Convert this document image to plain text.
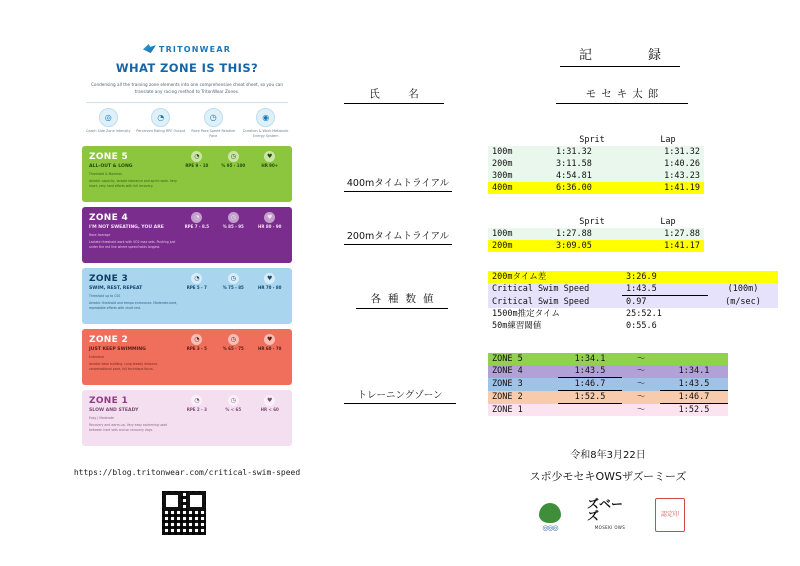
TRITONWEAR
WHAT ZONE IS THIS?
Condensing all the training zone elements into one comprehensive cheat sheet, so you can translate any racing method to TritonWear Zones.
◎
Coach Side Zone Intensity
◔
Perceived Rating RPE Output
◷
Race Pace Speed Relative Pace
◉
Duration & Work Metabolic Energy System
ZONE 5
ALL-OUT & LONG
Threshold & Maximal
Aerobic capacity, lactate tolerance and sprint work. Very short, very hard efforts with full recovery.
◔
RPE 9 - 10
◷
% 95 - 100
♥
HR 90+
ZONE 4
I'M NOT SWEATING, YOU ARE
Race Average
Lactate threshold work with VO2 max sets. Pushing just under the red line where speed holds longest.
◔
RPE 7 - 8.5
◷
% 85 - 95
♥
HR 80 - 90
ZONE 3
SWIM, REST, REPEAT
Threshold up to CSS
Aerobic threshold and tempo endurance. Moderate-hard, repeatable efforts with short rest.
◔
RPE 5 - 7
◷
% 75 - 85
♥
HR 70 - 80
ZONE 2
JUST KEEP SWIMMING
Extensive
Aerobic base building. Long steady distance, conversational pace, full technique focus.
◔
RPE 3 - 5
◷
% 65 - 75
♥
HR 60 - 70
ZONE 1
SLOW AND STEADY
Easy | Moderate
Recovery and warm-up. Very easy swimming used between hard sets and on recovery days.
◔
RPE 2 - 3
◷
% < 65
♥
HR < 60
https://blog.tritonwear.com/critical-swim-speed
記　　録
氏　名	モセキ太郎
400mタイムトライアル
	Sprit	Lap
100m	1:31.32	1:31.32
200m	3:11.58	1:40.26
300m	4:54.81	1:43.23
400m	6:36.00	1:41.19
200mタイムトライアル
	Sprit	Lap
100m	1:27.88	1:27.88
200m	3:09.05	1:41.17
各種数値
200mタイム差	3:26.9	
Critical Swim Speed	1:43.5	(100m)
Critical Swim Speed	0.97	(m/sec)
1500m推定タイム	25:52.1	
50m練習閾値	0:55.6	
トレーニングゾーン
ZONE 5	1:34.1	～	
ZONE 4	1:43.5	～	1:34.1
ZONE 3	1:46.7	～	1:43.5
ZONE 2	1:52.5	～	1:46.7
ZONE 1		～	1:52.5
令和8年3月22日
スポ少モセキOWSザズーミーズ
◎◎◎
ズベーズ
MOSEKI OWS
認定印
